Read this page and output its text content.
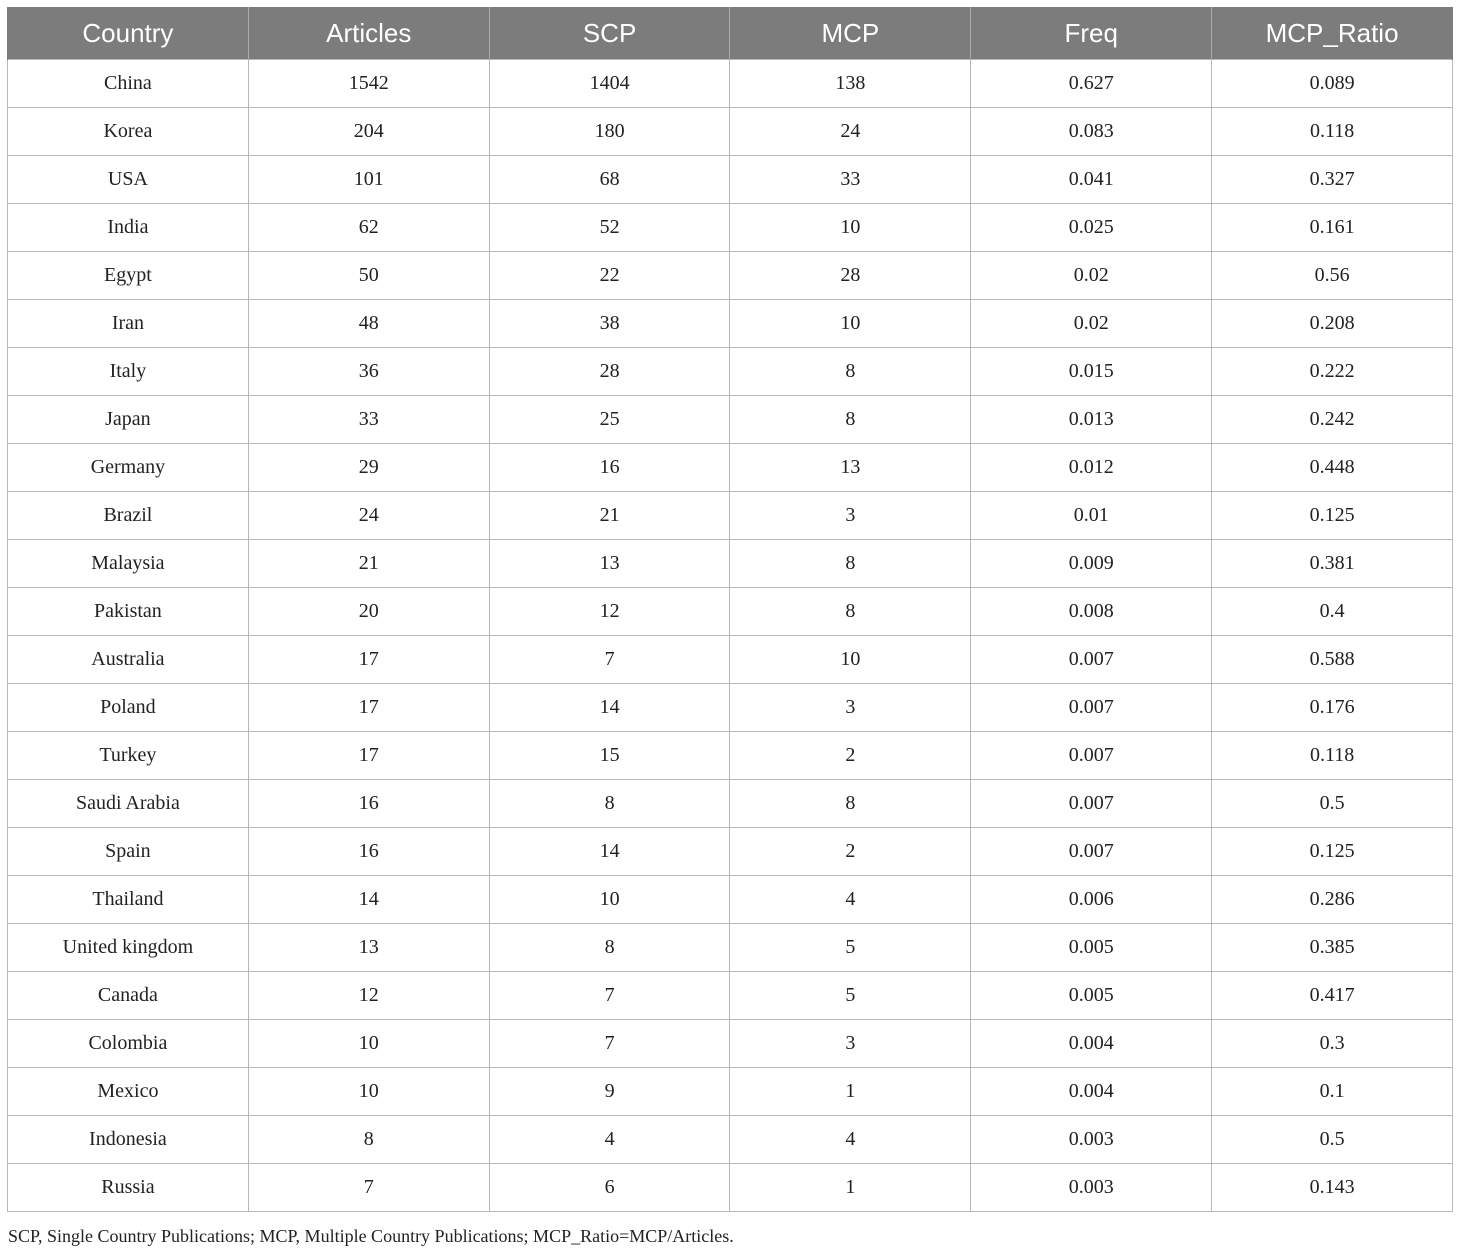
Country	Articles	SCP	MCP	Freq	MCP_Ratio
China	1542	1404	138	0.627	0.089
Korea	204	180	24	0.083	0.118
USA	101	68	33	0.041	0.327
India	62	52	10	0.025	0.161
Egypt	50	22	28	0.02	0.56
Iran	48	38	10	0.02	0.208
Italy	36	28	8	0.015	0.222
Japan	33	25	8	0.013	0.242
Germany	29	16	13	0.012	0.448
Brazil	24	21	3	0.01	0.125
Malaysia	21	13	8	0.009	0.381
Pakistan	20	12	8	0.008	0.4
Australia	17	7	10	0.007	0.588
Poland	17	14	3	0.007	0.176
Turkey	17	15	2	0.007	0.118
Saudi Arabia	16	8	8	0.007	0.5
Spain	16	14	2	0.007	0.125
Thailand	14	10	4	0.006	0.286
United kingdom	13	8	5	0.005	0.385
Canada	12	7	5	0.005	0.417
Colombia	10	7	3	0.004	0.3
Mexico	10	9	1	0.004	0.1
Indonesia	8	4	4	0.003	0.5
Russia	7	6	1	0.003	0.143
SCP, Single Country Publications; MCP, Multiple Country Publications; MCP_Ratio=MCP/Articles.
